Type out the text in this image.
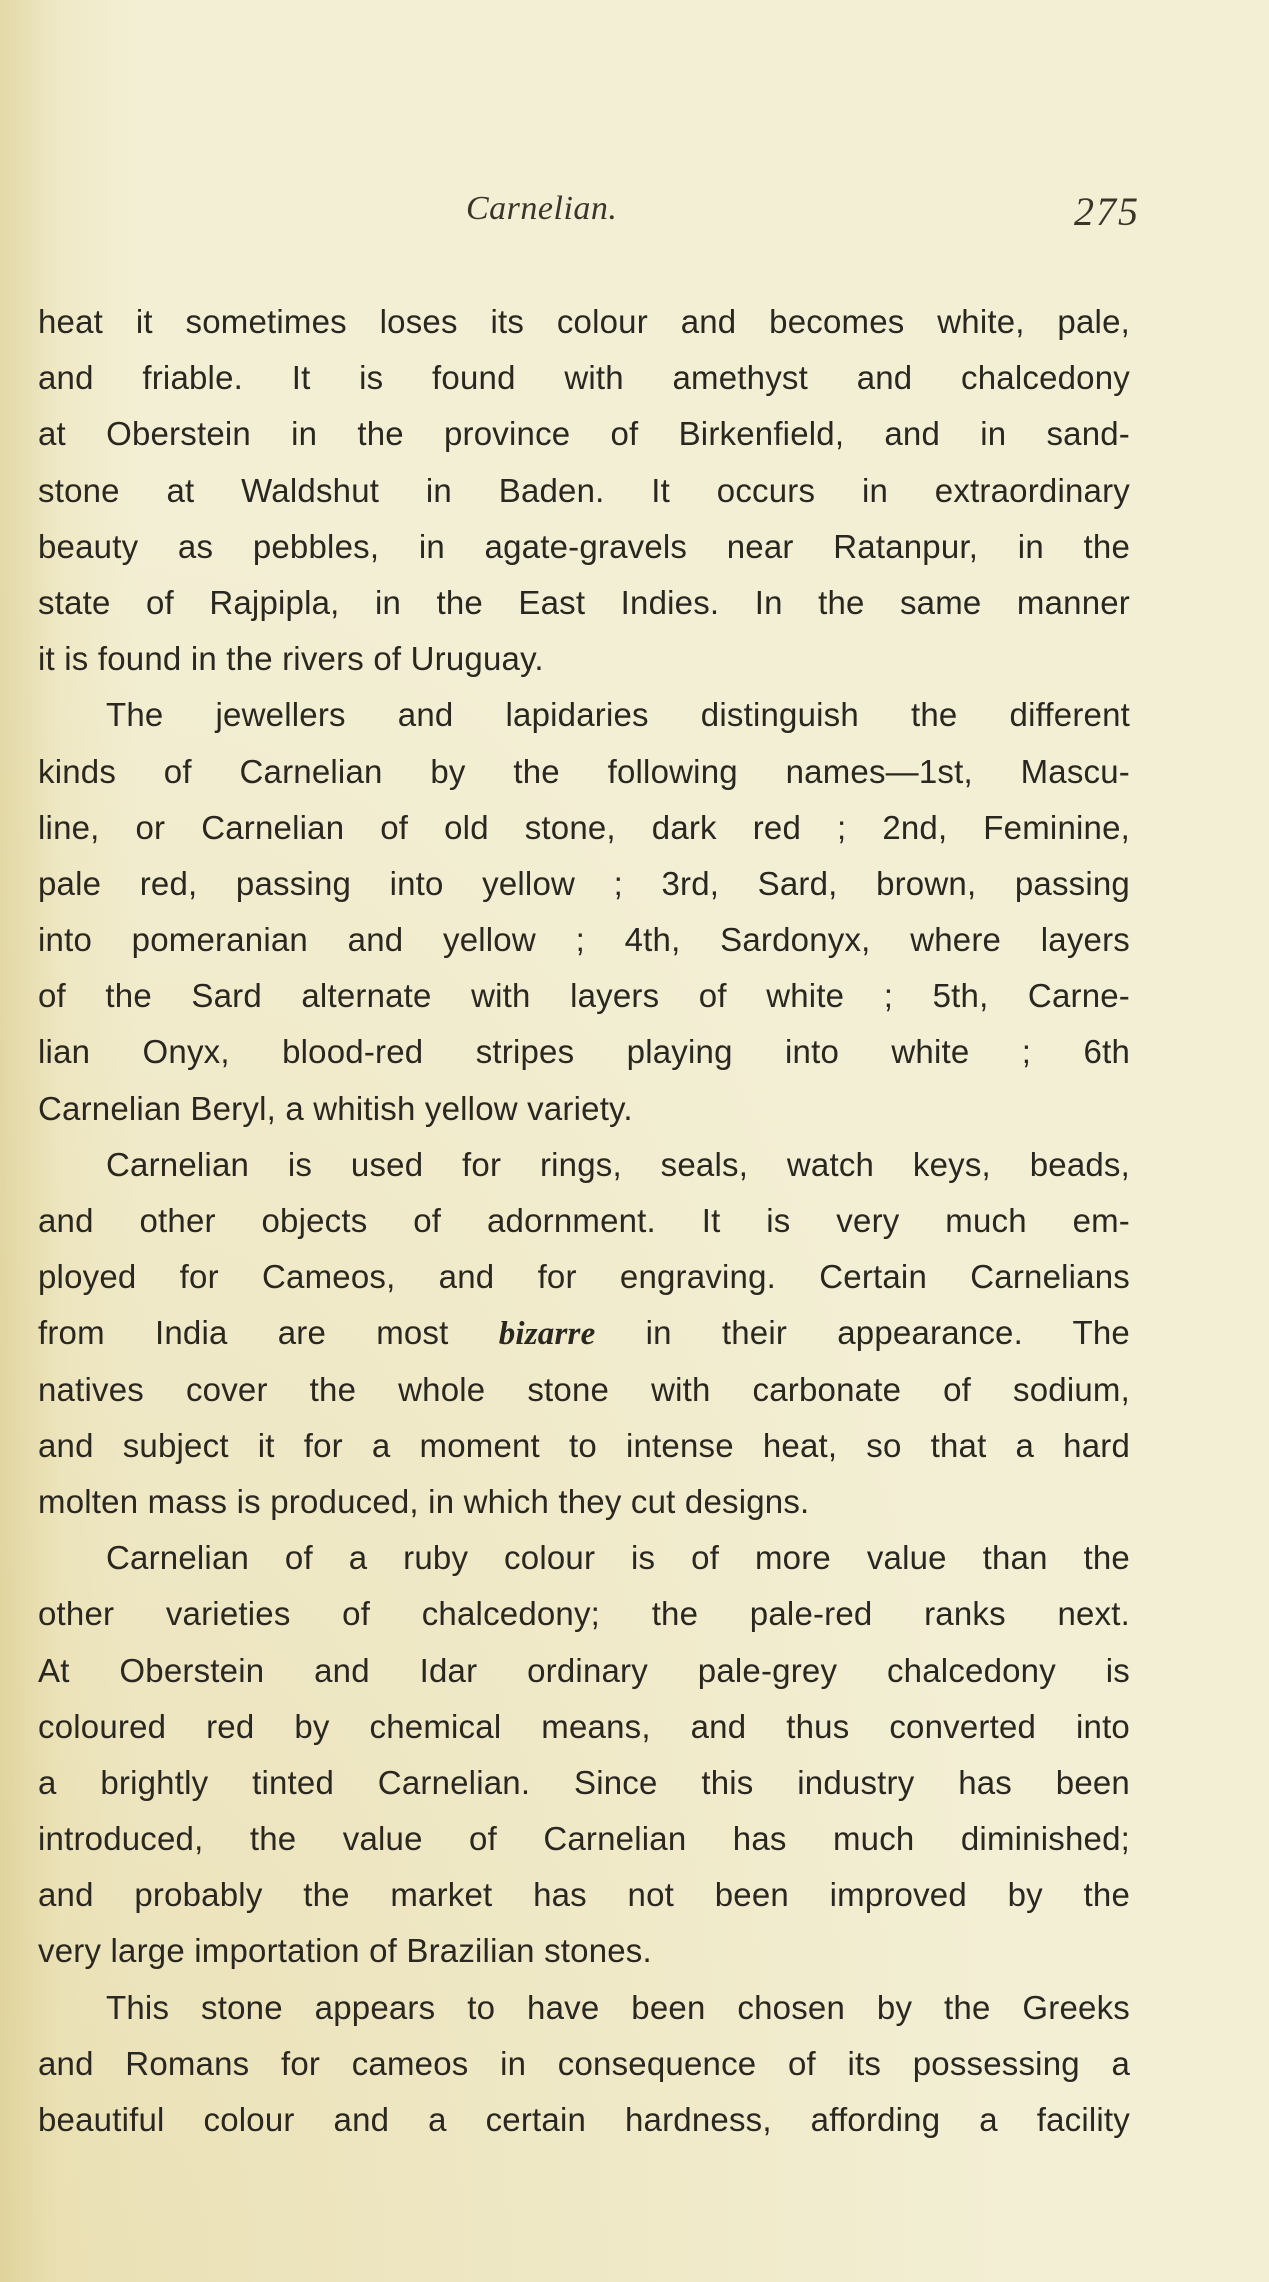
Carnelian.	275
heat it sometimes loses its colour and becomes white, pale,
and friable. It is found with amethyst and chalcedony
at Oberstein in the province of Birkenfield, and in sand-
stone at Waldshut in Baden. It occurs in extraordinary
beauty as pebbles, in agate-gravels near Ratanpur, in the
state of Rajpipla, in the East Indies. In the same manner
it is found in the rivers of Uruguay.
The jewellers and lapidaries distinguish the different
kinds of Carnelian by the following names—1st, Mascu-
line, or Carnelian of old stone, dark red ; 2nd, Feminine,
pale red, passing into yellow ; 3rd, Sard, brown, passing
into pomeranian and yellow ; 4th, Sardonyx, where layers
of the Sard alternate with layers of white ; 5th, Carne-
lian Onyx, blood-red stripes playing into white ; 6th
Carnelian Beryl, a whitish yellow variety.
Carnelian is used for rings, seals, watch keys, beads,
and other objects of adornment. It is very much em-
ployed for Cameos, and for engraving. Certain Carnelians
from India are most bizarre in their appearance. The
natives cover the whole stone with carbonate of sodium,
and subject it for a moment to intense heat, so that a hard
molten mass is produced, in which they cut designs.
Carnelian of a ruby colour is of more value than the
other varieties of chalcedony; the pale-red ranks next.
At Oberstein and Idar ordinary pale-grey chalcedony is
coloured red by chemical means, and thus converted into
a brightly tinted Carnelian. Since this industry has been
introduced, the value of Carnelian has much diminished;
and probably the market has not been improved by the
very large importation of Brazilian stones.
This stone appears to have been chosen by the Greeks
and Romans for cameos in consequence of its possessing a
beautiful colour and a certain hardness, affording a facility
